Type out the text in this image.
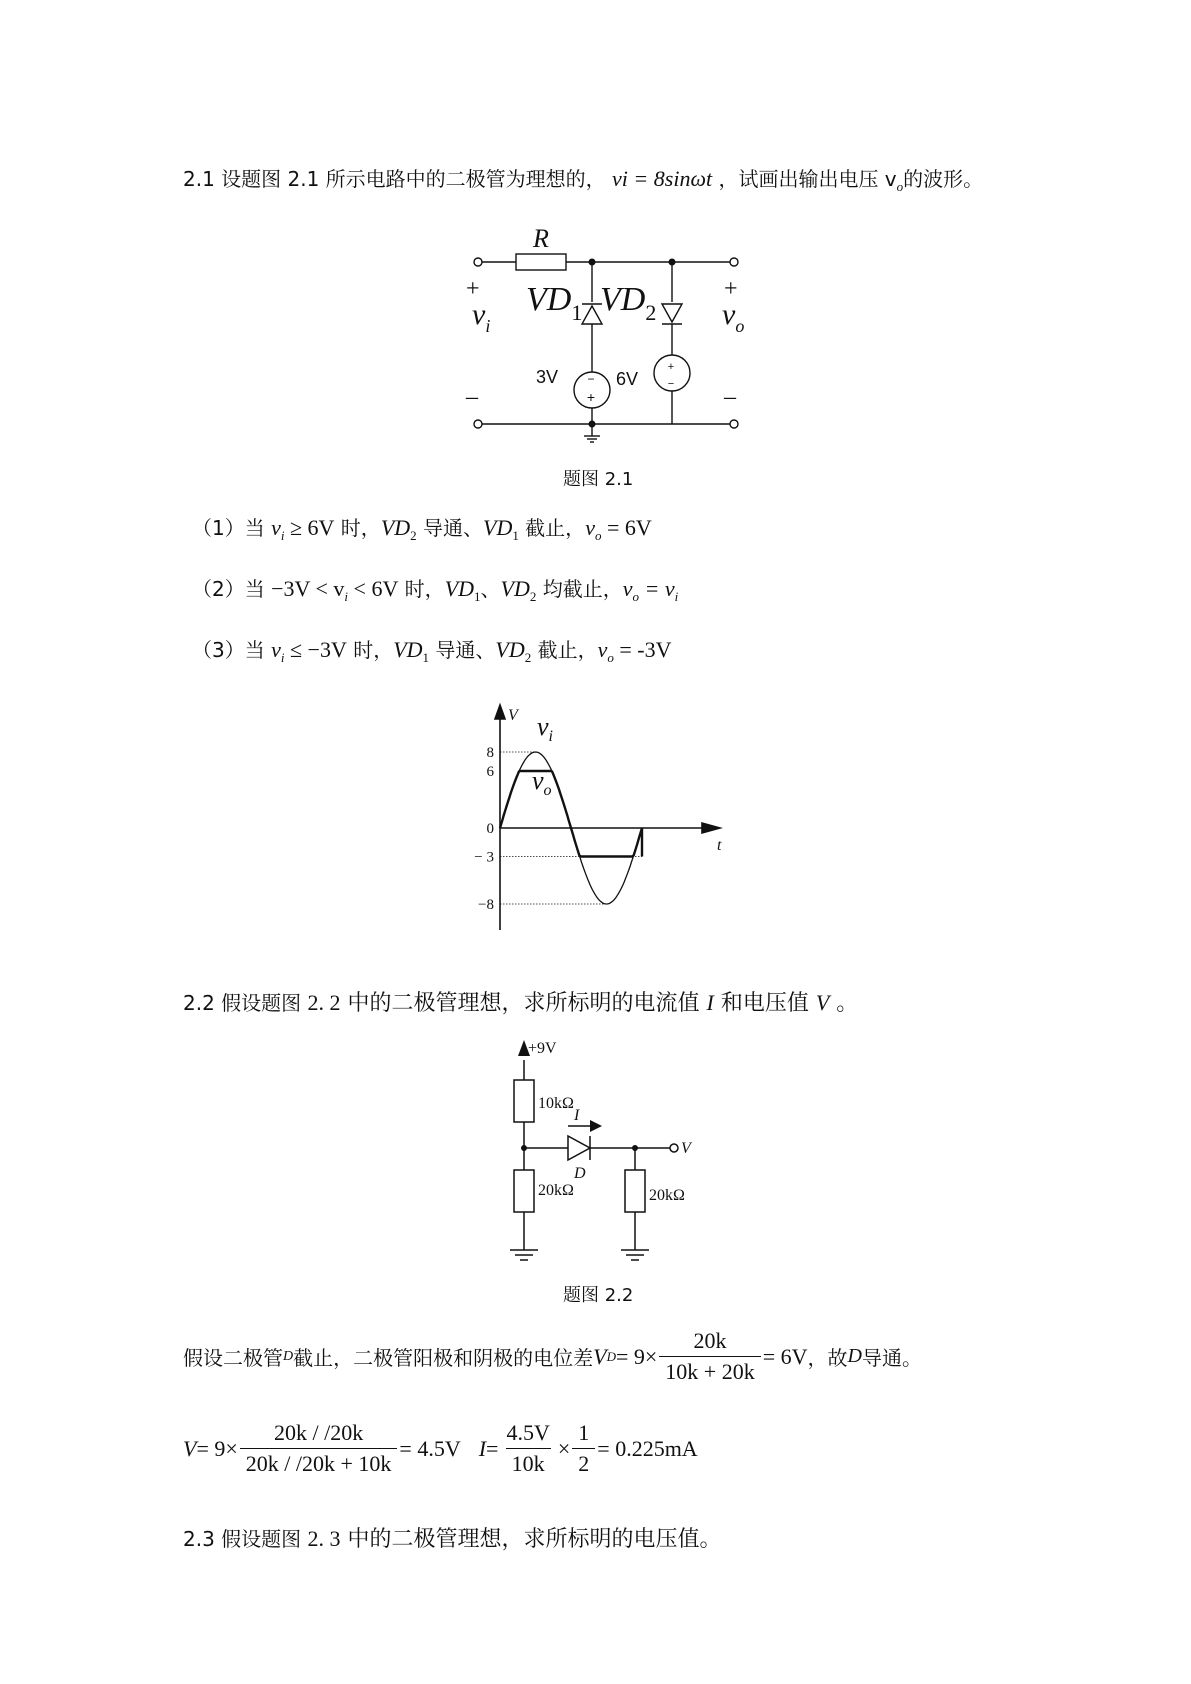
2.1 设题图 2.1 所示电路中的二极管为理想的， vi = 8sinωt ，试画出输出电压 $v_o$的波形。
−
+
+
−
R
$VD_1$ $VD_2$
$v_i$	$v_o$
+	+
–	–
3V	6V
题图 2.1
（1）当 $v_i \ge 6V$ 时，$VD_2$ 导通、$VD_1$ 截止，$v_o = 6V$
（2）当 $-3V < v_i < 6V$ 时，$VD_1$、$VD_2$ 均截止，$v_o = v_i$
（3）当 $v_i \le -3V$ 时，$VD_1$ 导通、$VD_2$ 截止，$v_o = -3V$
V
t
8
6
0
− 3
−8
$v_i$
$v_o$
2.2 假设题图 2. 2 中的二极管理想，求所标明的电流值 I 和电压值 V 。
+9V
10kΩ
I
D
V
20kΩ	20kΩ
题图 2.2
假设二极管 D 截止，二极管阳极和阴极的电位差 V $D = 9\times \frac{20k}{10k + 20k} = 6V$ ，故 D 导通。
$V = 9\times \frac{20k / /20k}{20k / /20k + 10k} = 4.5V$ $I = \frac{4.5V}{10k} \times \frac{1}{2} = 0.225mA$
2.3 假设题图 2. 3 中的二极管理想，求所标明的电压值。
